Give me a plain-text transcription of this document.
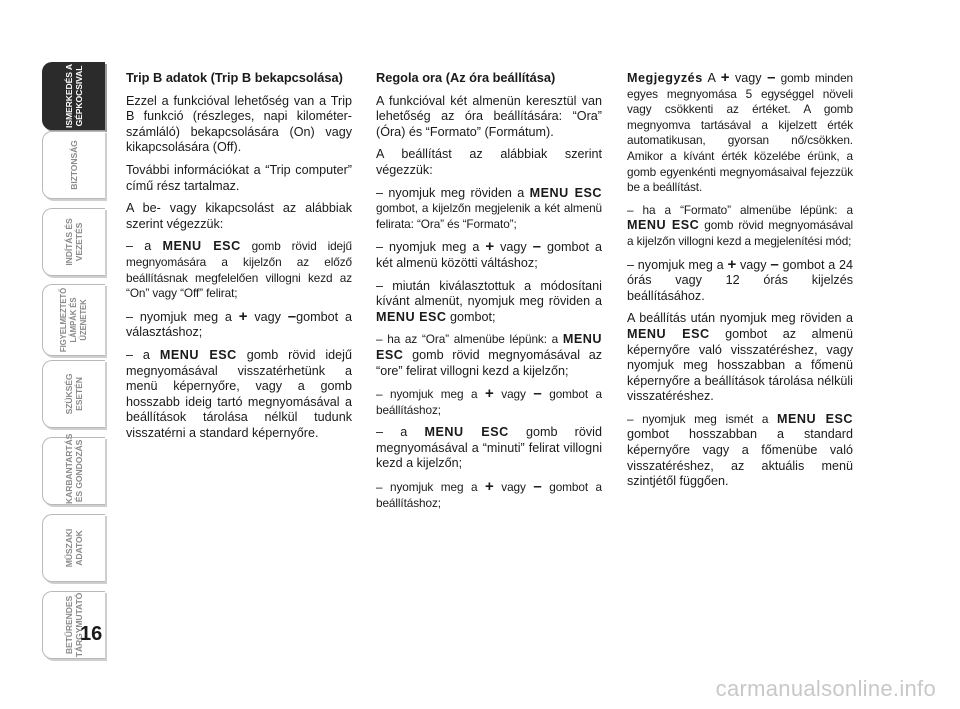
ISMERKEDÉS A
GÉPKOCSIVAL
BIZTONSÁG
INDÍTÁS ÉS
VEZETÉS
FIGYELMEZTETŐ LÁMPÁK ÉS
ÜZENETEK
SZÜKSÉG
ESETÉN
KARBANTARTÁS
ÉS GONDOZÁS
MŰSZAKI
ADATOK
BETŰRENDES
TÁRGYMUTATÓ
16
Trip B adatok (Trip B bekapcsolása)

Ezzel a funkcióval lehetőség van a Trip B funkció (részleges, napi kilométer-számláló) bekapcsolására (On) vagy kikapcsolására (Off).

További információkat a “Trip computer” című rész tartalmaz.

A be- vagy kikapcsolást az alábbiak szerint végezzük:

– a MENU ESC gomb rövid idejű megnyomására a kijelzőn az előző beállításnak megfelelően villogni kezd az “On” vagy “Off” felirat;

– nyomjuk meg a + vagy –gombot a választáshoz;

– a MENU ESC gomb rövid idejű megnyomásával visszatérhetünk a menü képernyőre, vagy a gomb hosszabb ideig tartó megnyomásával a beállítások tárolása nélkül tudunk visszatérni a standard képernyőre.

Regola ora (Az óra beállítása)

A funkcióval két almenün keresztül van lehetőség az óra beállítására: “Ora” (Óra) és “Formato” (Formátum).

A beállítást az alábbiak szerint végezzük:

– nyomjuk meg röviden a MENU ESC gombot, a kijelzőn megjelenik a két almenü felirata: “Ora” és “Formato”;

– nyomjuk meg a + vagy – gombot a két almenü közötti váltáshoz;

– miután kiválasztottuk a módosítani kívánt almenüt, nyomjuk meg röviden a MENU ESC gombot;

– ha az “Ora” almenübe lépünk: a MENU ESC gomb rövid megnyomásával az “ore” felirat villogni kezd a kijelzőn;

– nyomjuk meg a + vagy – gombot a beállításhoz;

– a MENU ESC gomb rövid megnyomásával a “minuti” felirat villogni kezd a kijelzőn;

– nyomjuk meg a + vagy – gombot a beállításhoz;

Megjegyzés A + vagy – gomb minden egyes megnyomása 5 egységgel növeli vagy csökkenti az értéket. A gomb megnyomva tartásával a kijelzett érték automatikusan, gyorsan nő/csökken. Amikor a kívánt érték közelébe érünk, a gomb egyenkénti megnyomásaival fejezzük be a beállítást.

– ha a “Formato” almenübe lépünk: a MENU ESC gomb rövid megnyomásával a kijelzőn villogni kezd a megjelenítési mód;

– nyomjuk meg a + vagy – gombot a 24 órás vagy 12 órás kijelzés beállításához.

A beállítás után nyomjuk meg röviden a MENU ESC gombot az almenü képernyőre való visszatéréshez, vagy nyomjuk meg hosszabban a főmenü képernyőre a beállítások tárolása nélküli visszatéréshez.

– nyomjuk meg ismét a MENU ESC gombot hosszabban a standard képernyőre vagy a főmenübe való visszatéréshez, az aktuális menü szintjétől függően.

carmanualsonline.info
